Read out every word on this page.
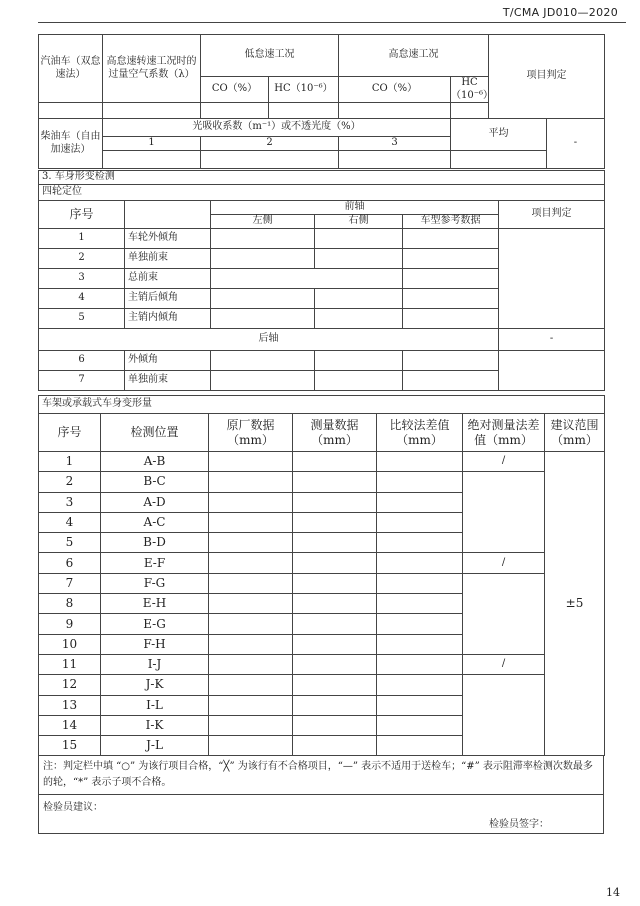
T/CMA JD010—2020
汽油车（双怠速法）	高怠速转速工况时的过量空气系数（λ）	低怠速工况		高怠速工况		项目判定	
		CO（%）	HC（10⁻⁶）	CO（%）	HC（10⁻⁶）		

柴油车（自由加速法）	光吸收系数（m⁻¹）或不透光度（%）				平均		-
	1	2		3			

3. 车身形变检测					
四轮定位					
序号		前轴			项目判定
		左侧	右侧	车型参考数据	
1	车轮外倾角				
2	单独前束				
3	总前束				
4	主销后倾角				
5	主销内倾角				
后轴					-
6	外倾角				
7	单独前束				
车架或承载式车身变形量						
序号	检测位置	原厂数据（mm）	测量数据（mm）	比较法差值（mm）	绝对测量法差值（mm）	建议范围（mm）
1	A-B				/	±5
2	B-C					
3	A-D					
4	A-C					
5	B-D					
6	E-F				/	
7	F-G					
8	E-H					
9	E-G					
10	F-H					
11	I-J				/	
12	J-K					
13	I-L					
14	I-K					
15	J-L					
注：判定栏中填 “○” 为该行项目合格，“╳” 为该行有不合格项目，“—” 表示不适用于送检车；“#” 表示阻滞率检测次数最多的轮，“*” 表示子项不合格。
检验员建议：
检验员签字：
14
